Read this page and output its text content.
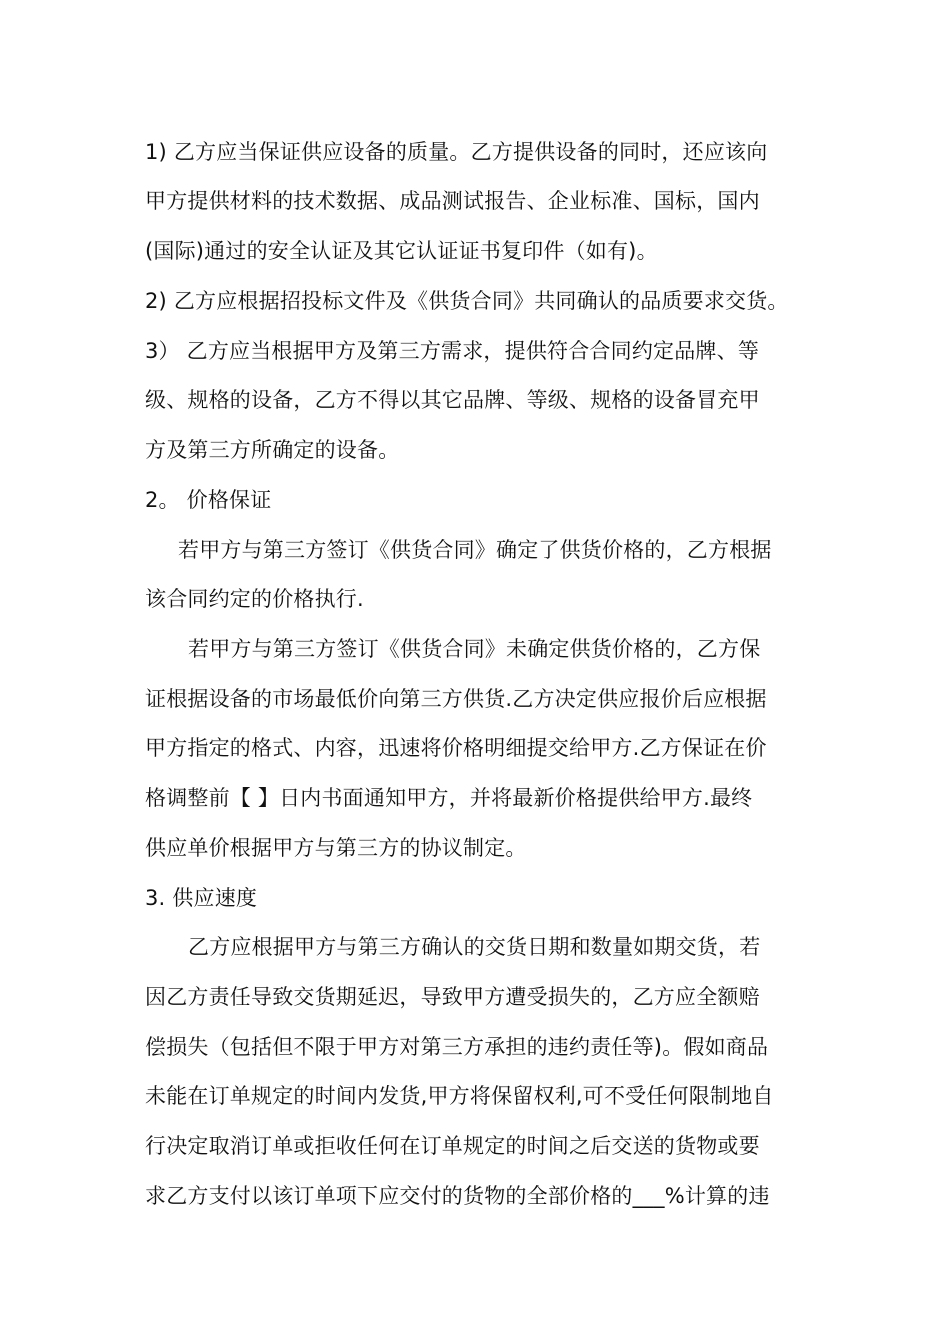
1) 乙方应当保证供应设备的质量。乙方提供设备的同时，还应该向
甲方提供材料的技术数据、成品测试报告、企业标准、国标，国内
(国际)通过的安全认证及其它认证证书复印件（如有)。
2) 乙方应根据招投标文件及《供货合同》共同确认的品质要求交货。
3） 乙方应当根据甲方及第三方需求，提供符合合同约定品牌、等
级、规格的设备，乙方不得以其它品牌、等级、规格的设备冒充甲
方及第三方所确定的设备。
2。 价格保证
若甲方与第三方签订《供货合同》确定了供货价格的，乙方根据
该合同约定的价格执行.
若甲方与第三方签订《供货合同》未确定供货价格的，乙方保
证根据设备的市场最低价向第三方供货.乙方决定供应报价后应根据
甲方指定的格式、内容，迅速将价格明细提交给甲方.乙方保证在价
格调整前【 】日内书面通知甲方，并将最新价格提供给甲方.最终
供应单价根据甲方与第三方的协议制定。
3. 供应速度
乙方应根据甲方与第三方确认的交货日期和数量如期交货，若
因乙方责任导致交货期延迟，导致甲方遭受损失的，乙方应全额赔
偿损失（包括但不限于甲方对第三方承担的违约责任等)。假如商品
未能在订单规定的时间内发货,甲方将保留权利,可不受任何限制地自
行决定取消订单或拒收任何在订单规定的时间之后交送的货物或要
求乙方支付以该订单项下应交付的货物的全部价格的___%计算的违
